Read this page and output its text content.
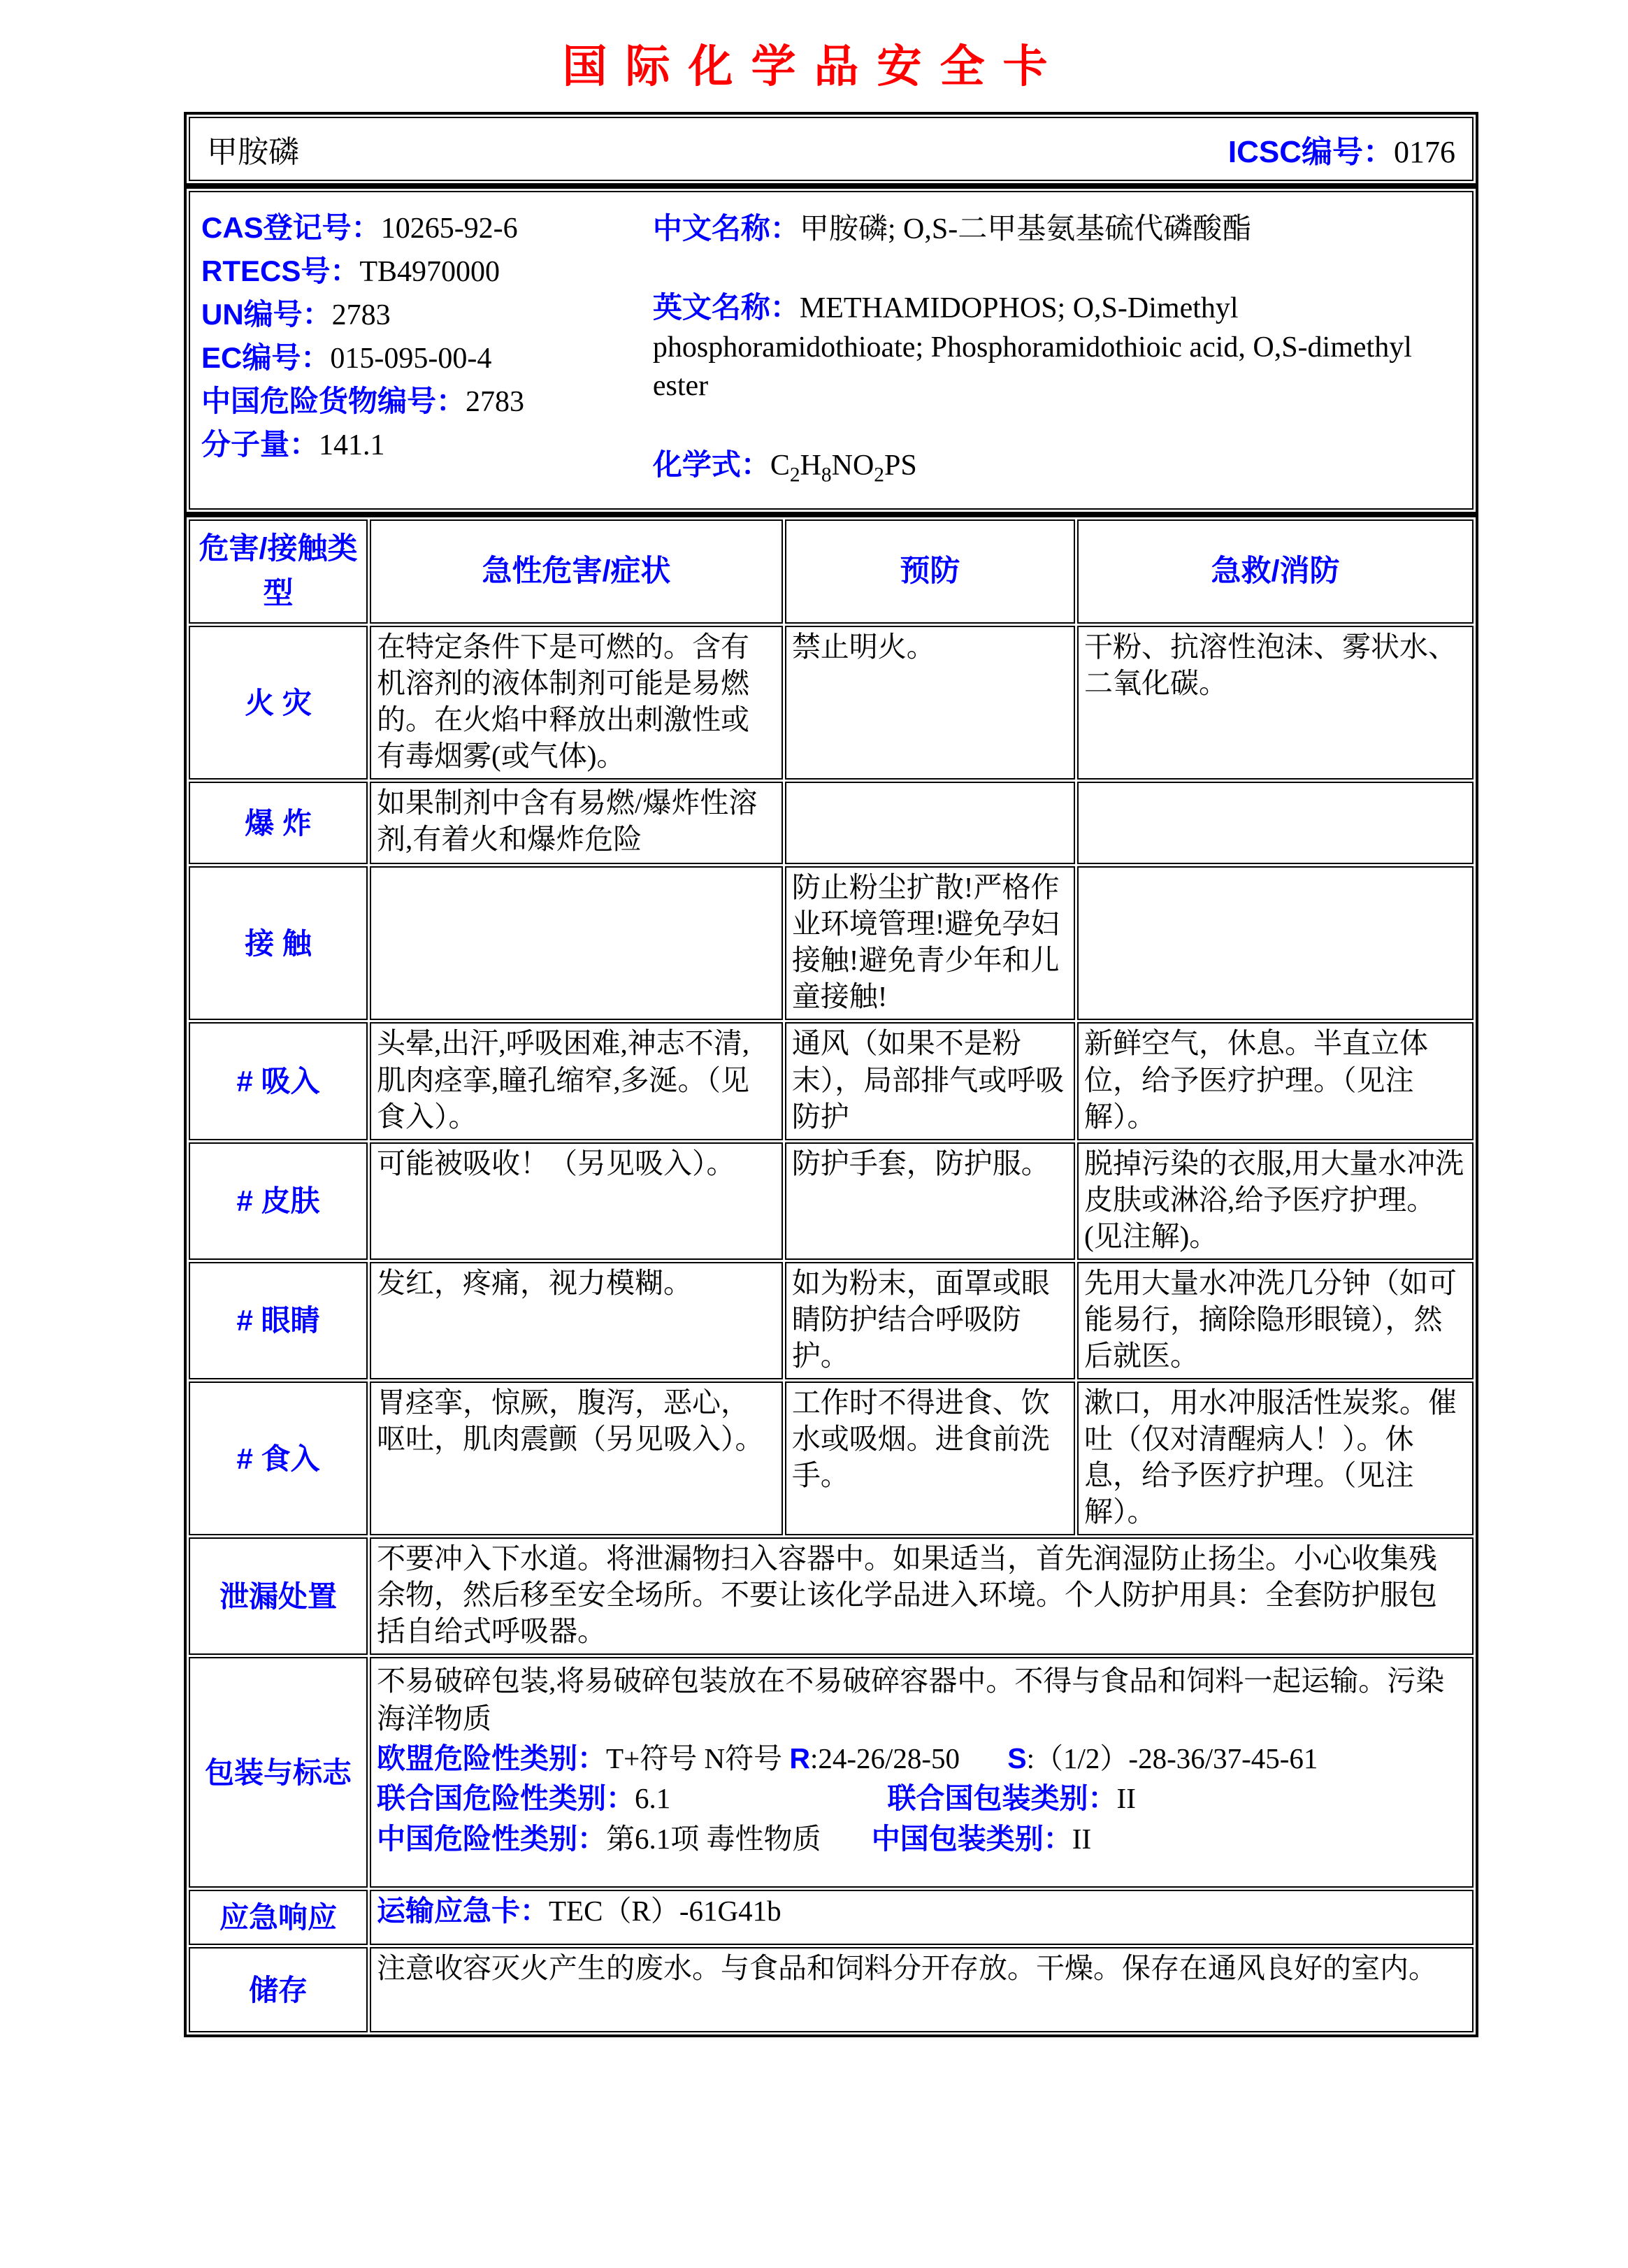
国际化学品安全卡
甲胺磷	ICSC编号：0176
CAS登记号：10265-92-6
RTECS号：TB4970000
UN编号：2783
EC编号：015-095-00-4
中国危险货物编号：2783
分子量：141.1
中文名称：甲胺磷; O,S-二甲基氨基硫代磷酸酯
英文名称：METHAMIDOPHOS; O,S-Dimethyl phosphoramidothioate; Phosphoramidothioic acid, O,S-dimethyl ester
化学式：$C_2H_8NO_2PS$
危害/接触类型	急性危害/症状	预防	急救/消防
火 灾	在特定条件下是可燃的。含有机溶剂的液体制剂可能是易燃的。在火焰中释放出刺激性或有毒烟雾(或气体)。	禁止明火。	干粉、抗溶性泡沫、雾状水、二氧化碳。
爆 炸	如果制剂中含有易燃/爆炸性溶剂,有着火和爆炸危险		
接 触		防止粉尘扩散!严格作业环境管理!避免孕妇接触!避免青少年和儿童接触!	
# 吸入	头晕,出汗,呼吸困难,神志不清,肌肉痉挛,瞳孔缩窄,多涎。（见食入）。	通风（如果不是粉末），局部排气或呼吸防护	新鲜空气，休息。半直立体位，给予医疗护理。（见注解）。
# 皮肤	可能被吸收！（另见吸入）。	防护手套，防护服。	脱掉污染的衣服,用大量水冲洗皮肤或淋浴,给予医疗护理。(见注解)。
# 眼睛	发红，疼痛，视力模糊。	如为粉末，面罩或眼睛防护结合呼吸防护。	先用大量水冲洗几分钟（如可能易行，摘除隐形眼镜），然后就医。
# 食入	胃痉挛，惊厥，腹泻，恶心，呕吐，肌肉震颤（另见吸入）。	工作时不得进食、饮水或吸烟。进食前洗手。	漱口，用水冲服活性炭浆。催吐（仅对清醒病人！）。休息，给予医疗护理。（见注解）。
泄漏处置	不要冲入下水道。将泄漏物扫入容器中。如果适当，首先润湿防止扬尘。小心收集残余物，然后移至安全场所。不要让该化学品进入环境。个人防护用具：全套防护服包括自给式呼吸器。		
包装与标志	不易破碎包装,将易破碎包装放在不易破碎容器中。不得与食品和饲料一起运输。污染海洋物质
欧盟危险性类别：T+符号 N符号 R:24-26/28-50 S:（1/2）-28-36/37-45-61
联合国危险性类别：6.1 联合国包装类别：II
中国危险性类别：第6.1项 毒性物质 中国包装类别：II		

应急响应	运输应急卡：TEC（R）-61G41b		
储存	注意收容灭火产生的废水。与食品和饲料分开存放。干燥。保存在通风良好的室内。		
